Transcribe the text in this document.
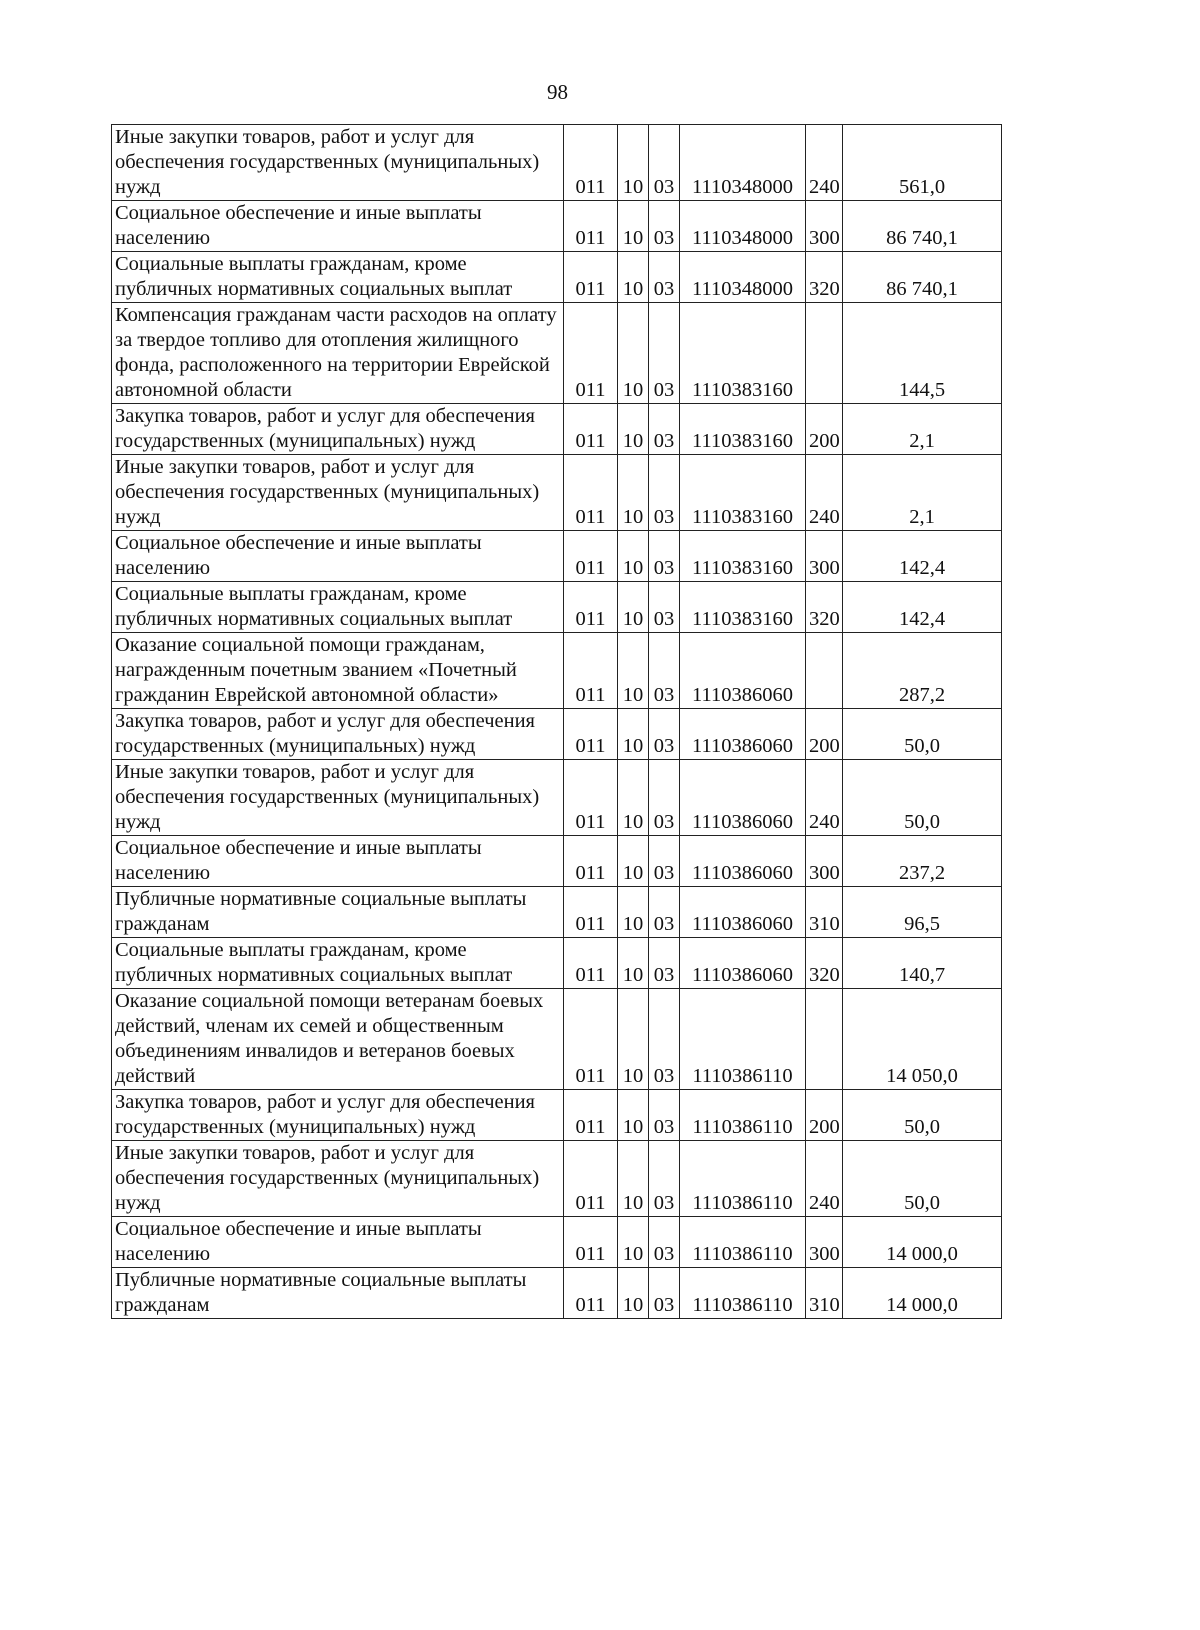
98
Иные закупки товаров, работ и услуг для обеспечения государственных (муниципальных) нужд	011	10	03	1110348000	240	561,0
Социальное обеспечение и иные выплаты населению	011	10	03	1110348000	300	86 740,1
Социальные выплаты гражданам, кроме публичных нормативных социальных выплат	011	10	03	1110348000	320	86 740,1
Компенсация гражданам части расходов на оплату за твердое топливо для отопления жилищного фонда, расположенного на территории Еврейской автономной области	011	10	03	1110383160		144,5
Закупка товаров, работ и услуг для обеспечения государственных (муниципальных) нужд	011	10	03	1110383160	200	2,1
Иные закупки товаров, работ и услуг для обеспечения государственных (муниципальных) нужд	011	10	03	1110383160	240	2,1
Социальное обеспечение и иные выплаты населению	011	10	03	1110383160	300	142,4
Социальные выплаты гражданам, кроме публичных нормативных социальных выплат	011	10	03	1110383160	320	142,4
Оказание социальной помощи гражданам, награжденным почетным званием «Почетный гражданин Еврейской автономной области»	011	10	03	1110386060		287,2
Закупка товаров, работ и услуг для обеспечения государственных (муниципальных) нужд	011	10	03	1110386060	200	50,0
Иные закупки товаров, работ и услуг для обеспечения государственных (муниципальных) нужд	011	10	03	1110386060	240	50,0
Социальное обеспечение и иные выплаты населению	011	10	03	1110386060	300	237,2
Публичные нормативные социальные выплаты гражданам	011	10	03	1110386060	310	96,5
Социальные выплаты гражданам, кроме публичных нормативных социальных выплат	011	10	03	1110386060	320	140,7
Оказание социальной помощи ветеранам боевых действий, членам их семей и общественным объединениям инвалидов и ветеранов боевых действий	011	10	03	1110386110		14 050,0
Закупка товаров, работ и услуг для обеспечения государственных (муниципальных) нужд	011	10	03	1110386110	200	50,0
Иные закупки товаров, работ и услуг для обеспечения государственных (муниципальных) нужд	011	10	03	1110386110	240	50,0
Социальное обеспечение и иные выплаты населению	011	10	03	1110386110	300	14 000,0
Публичные нормативные социальные выплаты гражданам	011	10	03	1110386110	310	14 000,0
